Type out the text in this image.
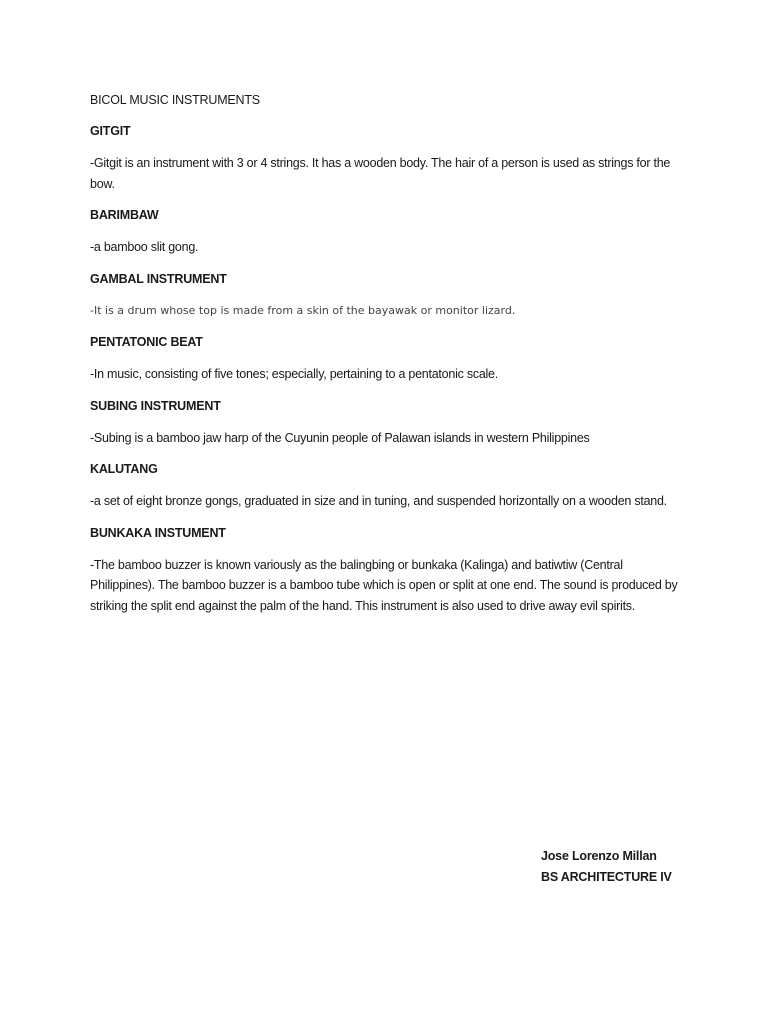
BICOL MUSIC INSTRUMENTS
GITGIT
-Gitgit is an instrument with 3 or 4 strings. It has a wooden body. The hair of a person is used as strings for the bow.
BARIMBAW
-a bamboo slit gong.
GAMBAL INSTRUMENT
-It is a drum whose top is made from a skin of the bayawak or monitor lizard.
PENTATONIC BEAT
-In music, consisting of five tones; especially, pertaining to a pentatonic scale.
SUBING INSTRUMENT
-Subing is a bamboo jaw harp of the Cuyunin people of Palawan islands in western Philippines
KALUTANG
-a set of eight bronze gongs, graduated in size and in tuning, and suspended horizontally on a wooden stand.
BUNKAKA INSTUMENT
-The bamboo buzzer is known variously as the balingbing or bunkaka (Kalinga) and batiwtiw (Central Philippines). The bamboo buzzer is a bamboo tube which is open or split at one end. The sound is produced by striking the split end against the palm of the hand. This instrument is also used to drive away evil spirits.
Jose Lorenzo Millan
BS ARCHITECTURE IV
